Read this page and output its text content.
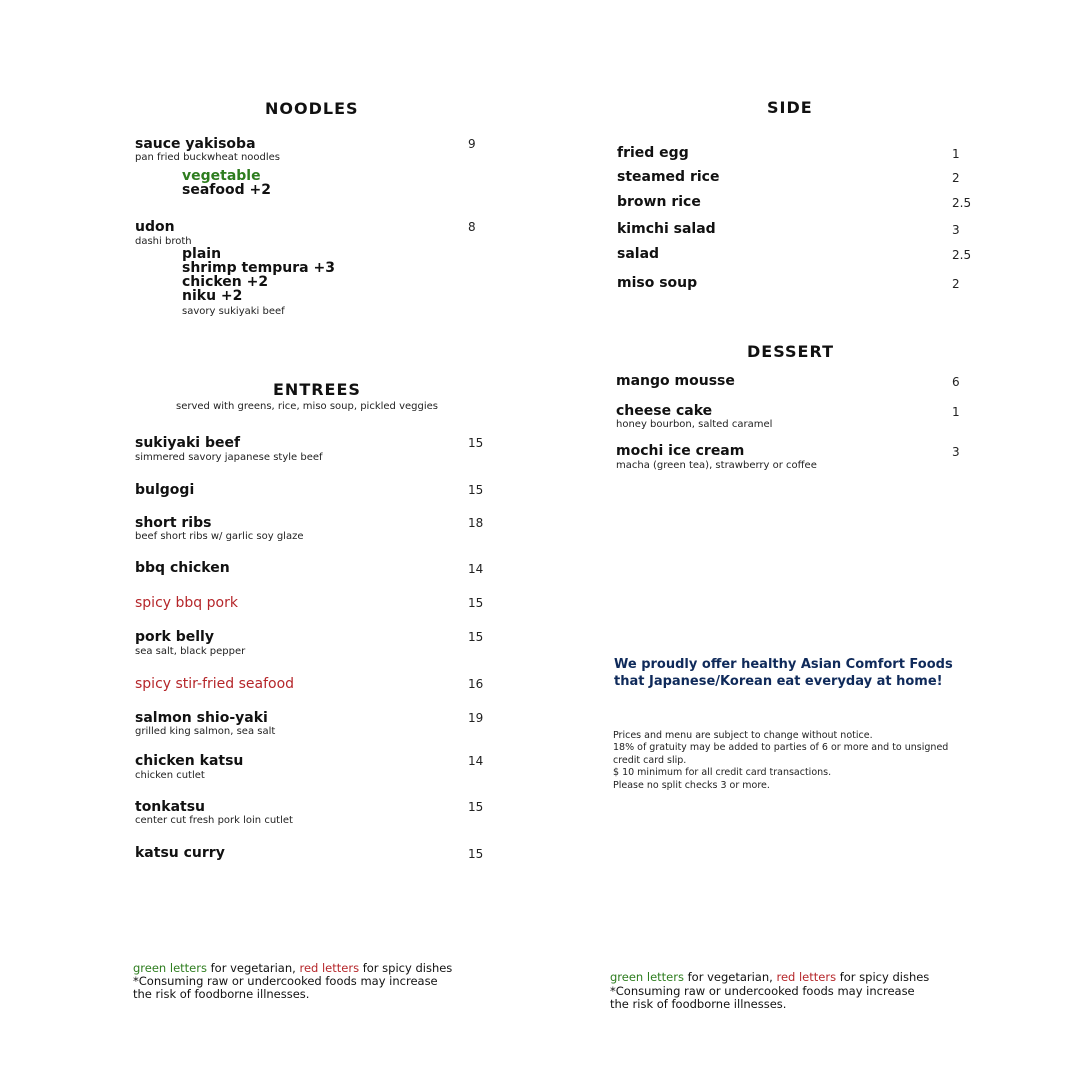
NOODLES
sauce yakisoba	9
pan fried buckwheat noodles
vegetable
seafood +2
udon	8
dashi broth
plain
shrimp tempura +3
chicken +2
niku +2
savory sukiyaki beef
ENTREES
served with greens, rice, miso soup, pickled veggies
sukiyaki beef	15
simmered savory japanese style beef
bulgogi	15
short ribs	18
beef short ribs w/ garlic soy glaze
bbq chicken	14
spicy bbq pork	15
pork belly	15
sea salt, black pepper
spicy stir-fried seafood	16
salmon shio-yaki	19
grilled king salmon, sea salt
chicken katsu	14
chicken cutlet
tonkatsu	15
center cut fresh pork loin cutlet
katsu curry	15
SIDE
fried egg	1
steamed rice	2
brown rice	2.5
kimchi salad	3
salad	2.5
miso soup	2
DESSERT
mango mousse	6
cheese cake	1
honey bourbon, salted caramel
mochi ice cream	3
macha (green tea), strawberry or coffee
We proudly offer healthy Asian Comfort Foods
that Japanese/Korean eat everyday at home!
Prices and menu are subject to change without notice.
18% of gratuity may be added to parties of 6 or more and to unsigned
credit card slip.
$ 10 minimum for all credit card transactions.
Please no split checks 3 or more.
green letters for vegetarian, red letters for spicy dishes
*Consuming raw or undercooked foods may increase
the risk of foodborne illnesses.
green letters for vegetarian, red letters for spicy dishes
*Consuming raw or undercooked foods may increase
the risk of foodborne illnesses.
